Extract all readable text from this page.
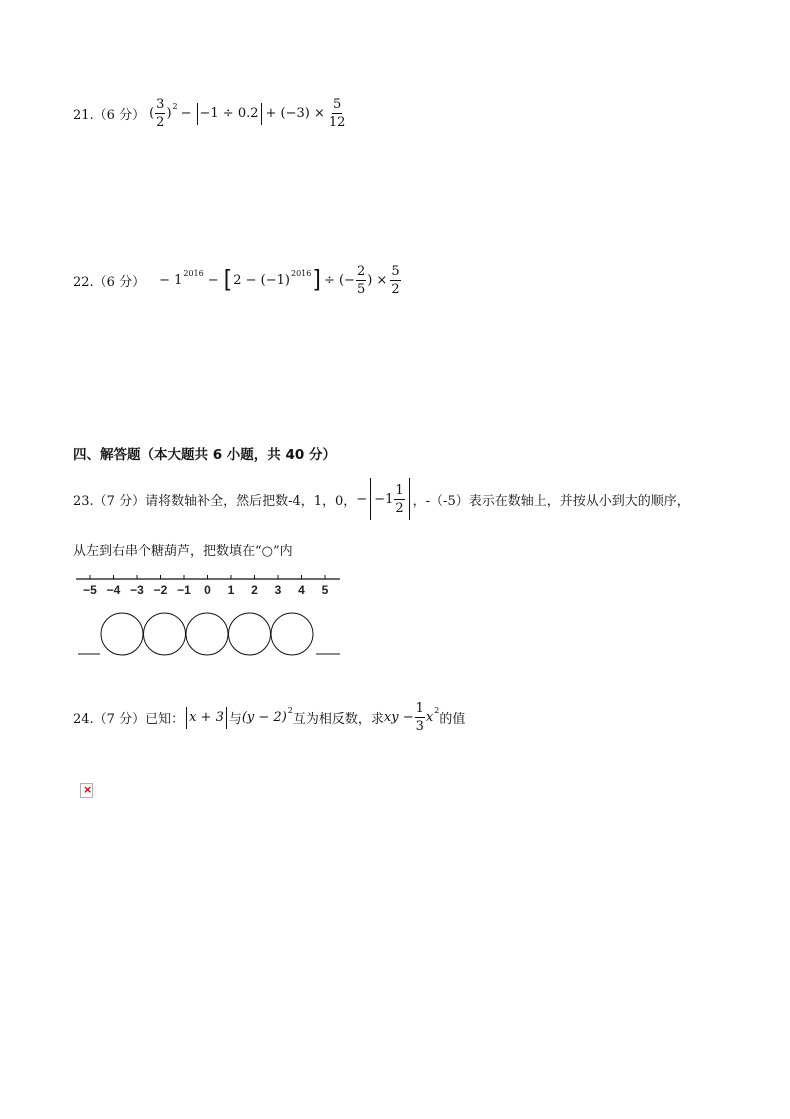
21.（6 分） ( $\frac{3}{2}$ ) $2 - -1 \div 0.2 + (-3) \times \frac{5}{12}$
22.（6 分） − 1 2016 − [ 2 − (−1) 2016 ] ÷ (− $\frac{2}{5}$ ) × $\frac{5}{2}$
四、解答题（本大题共 6 小题，共 40 分）
23.（7 分） 请将数轴补全，然后把数-4，1，0， − $-1 \frac{1}{2}$ ，-（-5）表示在数轴上，并按从小到大的顺序，
从左到右串个糖葫芦，把数填在“○”内
−5 −4 −3 −2 −1 0 1 2 3 4 5
24.（7 分）已知： x + 3 与 (y − 2) 2
互为相反数，求 xy − $\frac{1}{3}$ x 2
的值
×
